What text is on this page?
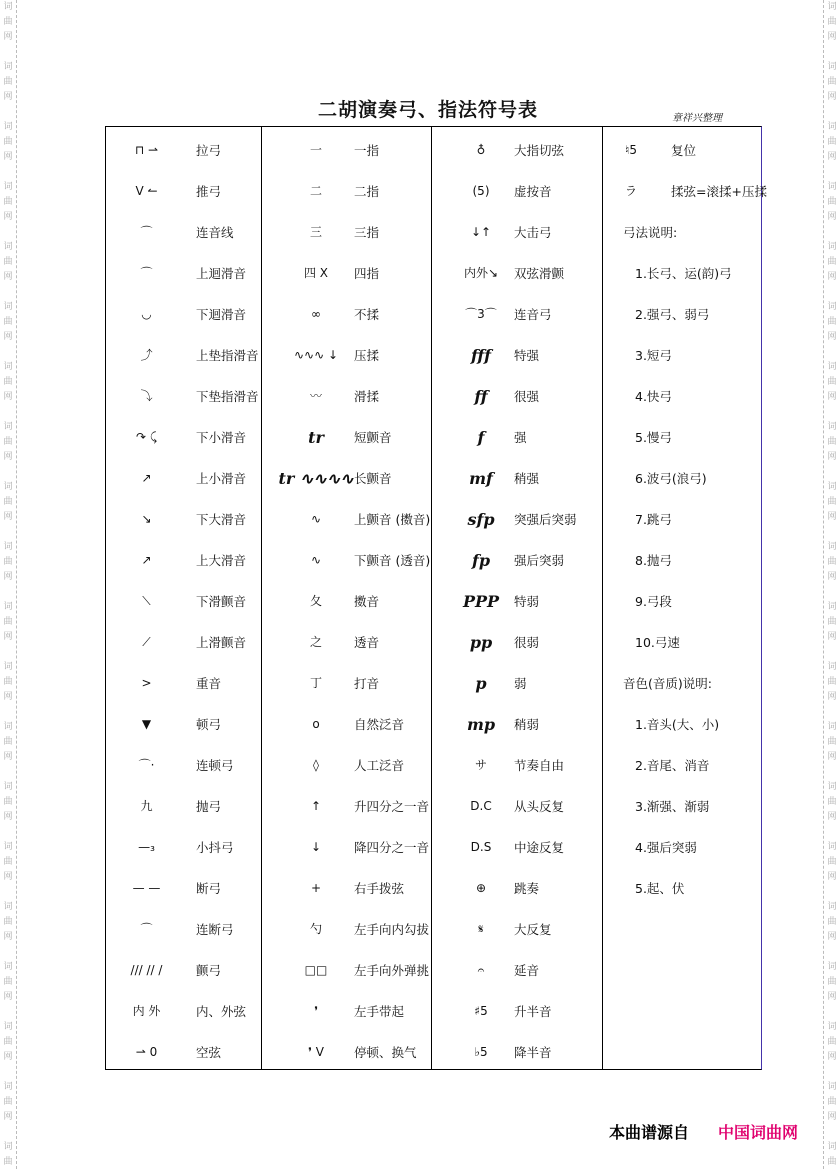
词
曲
网
词
曲
网
词
曲
网
词
曲
网
词
曲
网
词
曲
网
词
曲
网
词
曲
网
词
曲
网
词
曲
网
词
曲
网
词
曲
网
词
曲
网
词
曲
网
词
曲
网
词
曲
网
词
曲
网
词
曲
网
词
曲
网
词
曲
词
曲
网
词
曲
网
词
曲
网
词
曲
网
词
曲
网
词
曲
网
词
曲
网
词
曲
网
词
曲
网
词
曲
网
词
曲
网
词
曲
网
词
曲
网
词
曲
网
词
曲
网
词
曲
网
词
曲
网
词
曲
网
词
曲
网
词
曲
二胡演奏弓、指法符号表	章祥兴整理
⊓ ⇀	拉弓
V ↼	推弓
⌒	连音线
⌒	上迴滑音
◡	下迴滑音
⤴	上垫指滑音
⤵	下垫指滑音
↷ ⤹	下小滑音
↗	上小滑音
↘	下大滑音
↗	上大滑音
⟍	下滑颤音
⟋	上滑颤音
>	重音
▼	顿弓
⌒·	连顿弓
九	抛弓
—₃	小抖弓
— —	断弓
⌒	连断弓
/// // /	颤弓
内 外	内、外弦
⇀ 0	空弦
一	一指
二	二指
三	三指
四 X	四指
∞	不揉
∿∿∿ ↓	压揉
〰	滑揉
tr	短颤音
tr ∿∿∿∿ 长颤音
∿	上颤音 (擞音)
∿	下颤音 (透音)
夂	擞音
之	透音
丁	打音
o	自然泛音
◊	人工泛音
↑	升四分之一音
↓	降四分之一音
+	右手拨弦
勺	左手向内勾拔
□□	左手向外弹挑
❜	左手带起
❜ V	停顿、换气
♁	大指切弦
(5)	虚按音
↓↑	大击弓
内外↘	双弦滑颤
⌒3⌒	连音弓
fff	特强
ff	很强
f	强
mf	稍强
sfp	突强后突弱
fp	强后突弱
PPP	特弱
pp	很弱
p	弱
mp	稍弱
サ	节奏自由
D.C	从头反复
D.S	中途反复
⊕	跳奏
𝄋	大反复
𝄐	延音
♯5	升半音
♭5	降半音
♮5	复位
ラ	揉弦=滚揉+压揉
弓法说明:
1.长弓、运(韵)弓
2.强弓、弱弓
3.短弓
4.快弓
5.慢弓
6.波弓(浪弓)
7.跳弓
8.抛弓
9.弓段
10.弓速
音色(音质)说明:
1.音头(大、小)
2.音尾、消音
3.渐强、渐弱
4.强后突弱
5.起、伏
本曲谱源自 中国词曲网
